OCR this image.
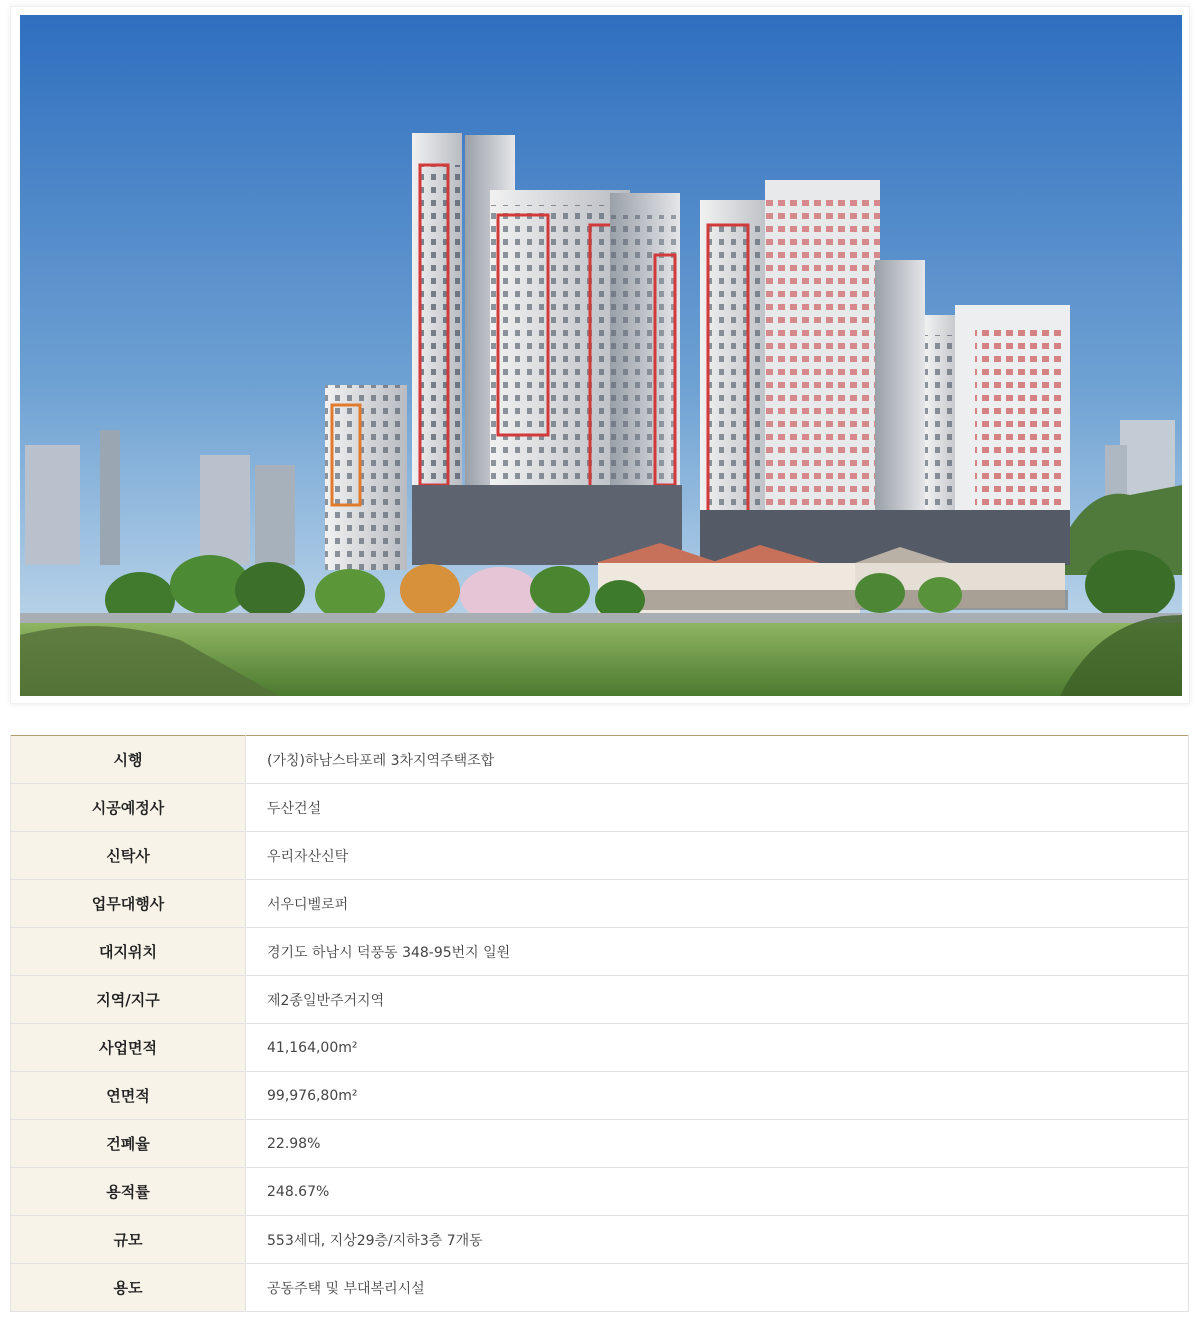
시행	(가칭)하남스타포레 3차지역주택조합
시공예정사	두산건설
신탁사	우리자산신탁
업무대행사	서우디벨로퍼
대지위치	경기도 하남시 덕풍동 348-95번지 일원
지역/지구	제2종일반주거지역
사업면적	41,164,00m²
연면적	99,976,80m²
건폐율	22.98%
용적률	248.67%
규모	553세대, 지상29층/지하3층 7개동
용도	공동주택 및 부대복리시설
